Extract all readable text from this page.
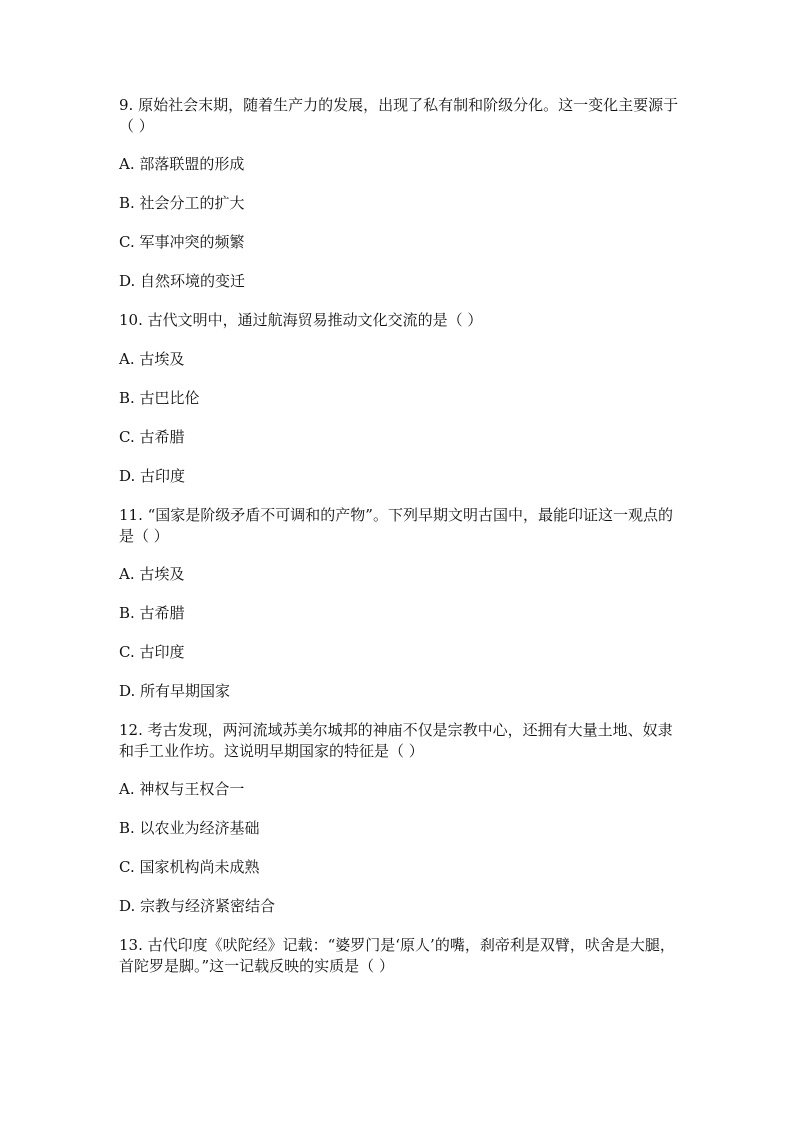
9. 原始社会末期，随着生产力的发展，出现了私有制和阶级分化。这一变化主要源于（ ）

A. 部落联盟的形成
B. 社会分工的扩大
C. 军事冲突的频繁
D. 自然环境的变迁

10. 古代文明中，通过航海贸易推动文化交流的是（ ）

A. 古埃及
B. 古巴比伦
C. 古希腊
D. 古印度

11. “国家是阶级矛盾不可调和的产物”。下列早期文明古国中，最能印证这一观点的是（ ）

A. 古埃及
B. 古希腊
C. 古印度
D. 所有早期国家

12. 考古发现，两河流域苏美尔城邦的神庙不仅是宗教中心，还拥有大量土地、奴隶和手工业作坊。这说明早期国家的特征是（ ）

A. 神权与王权合一
B. 以农业为经济基础
C. 国家机构尚未成熟
D. 宗教与经济紧密结合

13. 古代印度《吠陀经》记载：“婆罗门是‘原人’的嘴，刹帝利是双臂，吠舍是大腿，首陀罗是脚。”这一记载反映的实质是（ ）
